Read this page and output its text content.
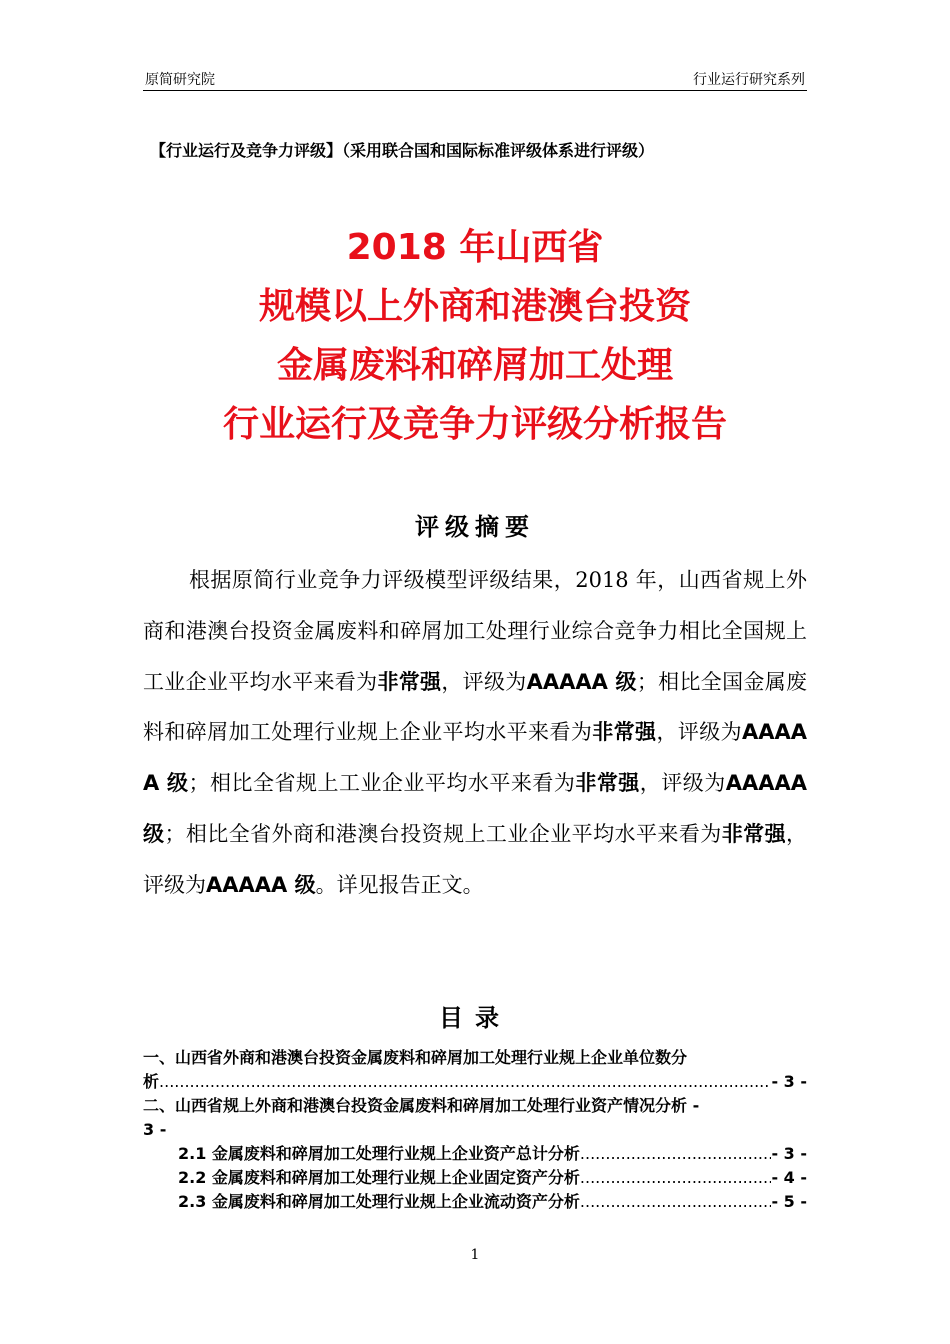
原简研究院	行业运行研究系列
【行业运行及竞争力评级】（采用联合国和国际标准评级体系进行评级）
2018 年山西省
规模以上外商和港澳台投资
金属废料和碎屑加工处理
行业运行及竞争力评级分析报告
评级摘要
根据原简行业竞争力评级模型评级结果，2018 年，山西省规上外商和港澳台投资金属废料和碎屑加工处理行业综合竞争力相比全国规上工业企业平均水平来看为非常强，评级为AAAAA 级；相比全国金属废料和碎屑加工处理行业规上企业平均水平来看为非常强，评级为AAAAA 级；相比全省规上工业企业平均水平来看为非常强，评级为AAAAA 级；相比全省外商和港澳台投资规上工业企业平均水平来看为非常强，评级为AAAAA 级。详见报告正文。
目录
一、山西省外商和港澳台投资金属废料和碎屑加工处理行业规上企业单位数分
析 .....	- 3 -
二、山西省规上外商和港澳台投资金属废料和碎屑加工处理行业资产情况分析 -
3 -
2.1 金属废料和碎屑加工处理行业规上企业资产总计分析 .....	- 3 -
2.2 金属废料和碎屑加工处理行业规上企业固定资产分析 .....	- 4 -
2.3 金属废料和碎屑加工处理行业规上企业流动资产分析 .....	- 5 -
1
